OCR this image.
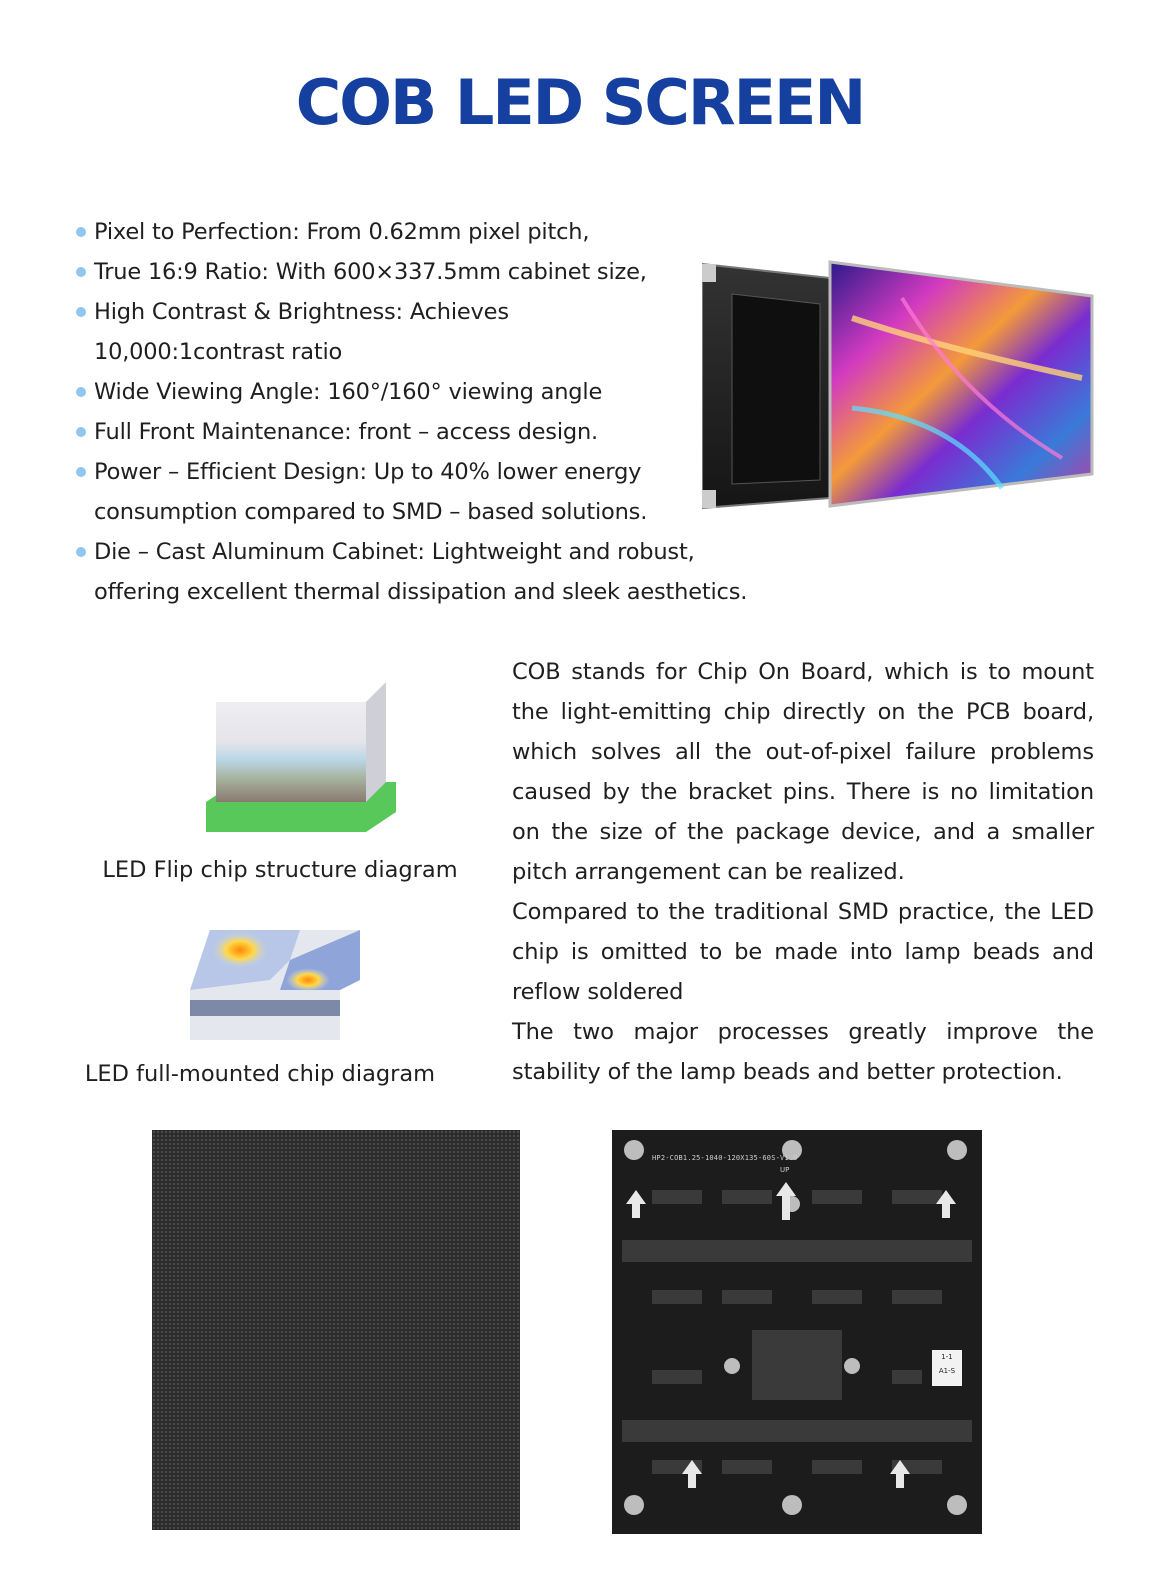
COB LED SCREEN
Pixel to Perfection: From 0.62mm pixel pitch,
True 16:9 Ratio: With 600×337.5mm cabinet size,
High Contrast & Brightness: Achieves
10,000:1contrast ratio
Wide Viewing Angle: 160°/160° viewing angle
Full Front Maintenance: front – access design.
Power – Efficient Design: Up to 40% lower energy
consumption compared to SMD – based solutions.
Die – Cast Aluminum Cabinet: Lightweight and robust,
offering excellent thermal dissipation and sleek aesthetics.

COB stands for Chip On Board, which is to mount the light-emitting chip directly on the PCB board, which solves all the out-of-pixel failure problems caused by the bracket pins. There is no limitation on the size of the package device, and a smaller pitch arrangement can be realized.

Compared to the traditional SMD practice, the LED chip is omitted to be made into lamp beads and reflow soldered

The two major processes greatly improve the stability of the lamp beads and better protection.

LED Flip chip structure diagram
LED full-mounted chip diagram
HP2-COB1.25-1040-120X135-60S-V1.0
UP
1-1
A1-S
